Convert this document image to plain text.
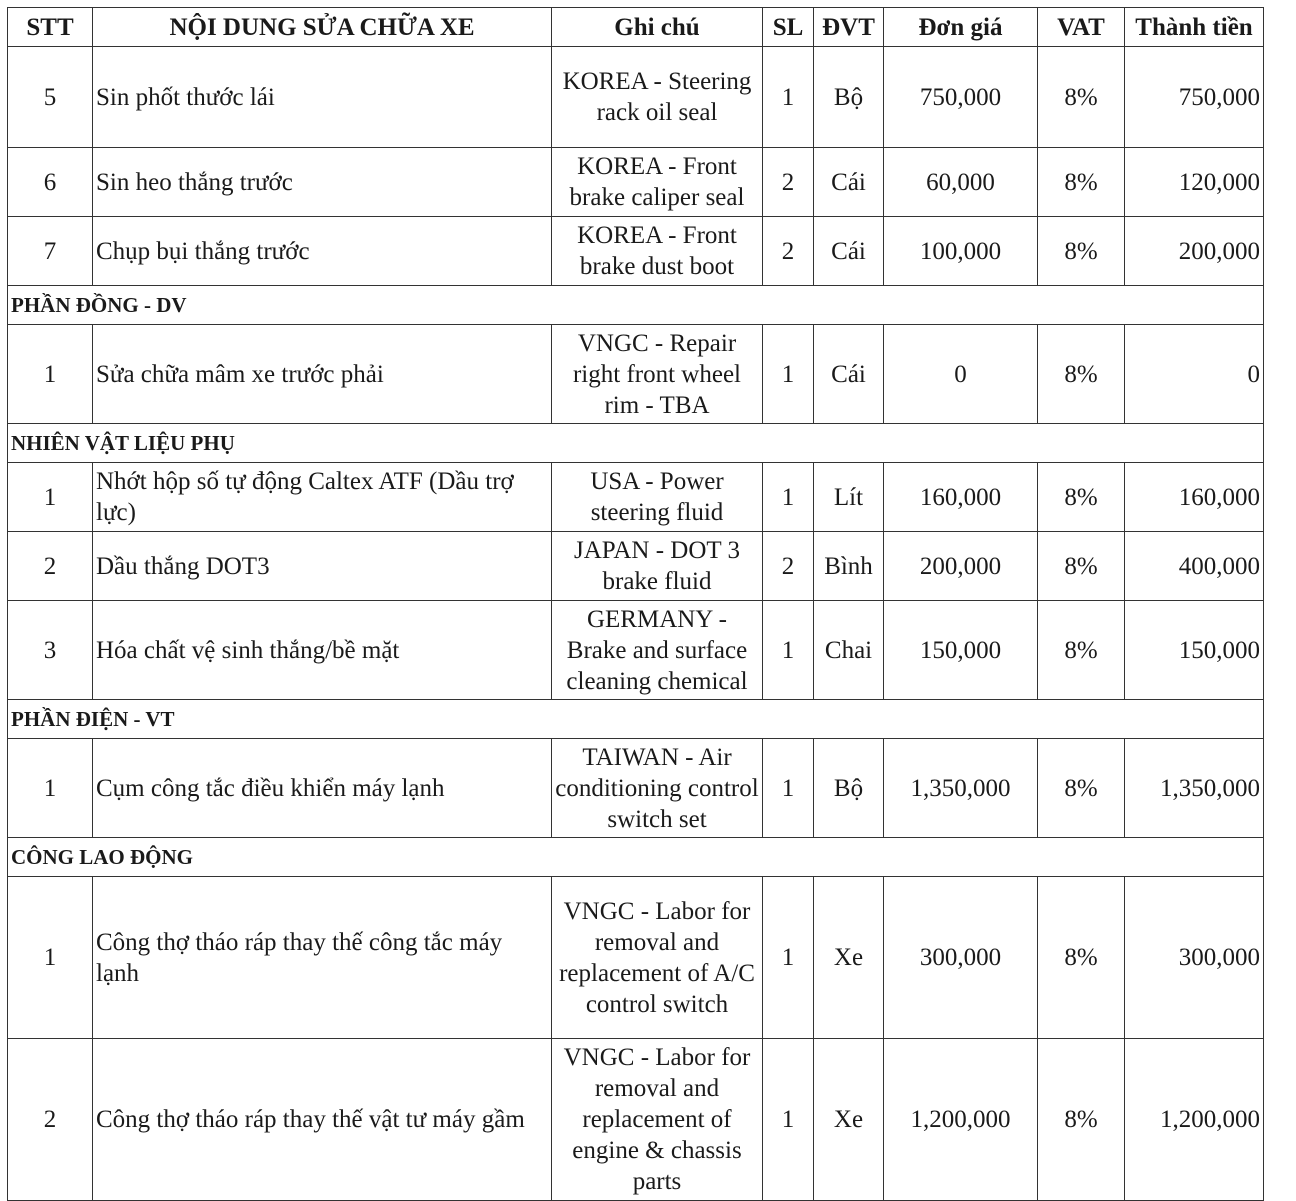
STT	NỘI DUNG SỬA CHỮA XE	Ghi chú	SL	ĐVT	Đơn giá	VAT	Thành tiền
5	Sin phốt thước lái	KOREA - Steering rack oil seal	1	Bộ	750,000	8%	750,000
6	Sin heo thắng trước	KOREA - Front brake caliper seal	2	Cái	60,000	8%	120,000
7	Chụp bụi thắng trước	KOREA - Front brake dust boot	2	Cái	100,000	8%	200,000
PHẦN ĐỒNG - DV							
1	Sửa chữa mâm xe trước phải	VNGC - Repair right front wheel rim - TBA	1	Cái	0	8%	0
NHIÊN VẬT LIỆU PHỤ							
1	Nhớt hộp số tự động Caltex ATF (Dầu trợ lực)	USA - Power steering fluid	1	Lít	160,000	8%	160,000
2	Dầu thắng DOT3	JAPAN - DOT 3 brake fluid	2	Bình	200,000	8%	400,000
3	Hóa chất vệ sinh thắng/bề mặt	GERMANY - Brake and surface cleaning chemical	1	Chai	150,000	8%	150,000
PHẦN ĐIỆN - VT							
1	Cụm công tắc điều khiển máy lạnh	TAIWAN - Air conditioning control switch set	1	Bộ	1,350,000	8%	1,350,000
CÔNG LAO ĐỘNG							
1	Công thợ tháo ráp thay thế công tắc máy lạnh	VNGC - Labor for removal and replacement of A/C control switch	1	Xe	300,000	8%	300,000
2	Công thợ tháo ráp thay thế vật tư máy gầm	VNGC - Labor for removal and replacement of engine & chassis parts	1	Xe	1,200,000	8%	1,200,000
